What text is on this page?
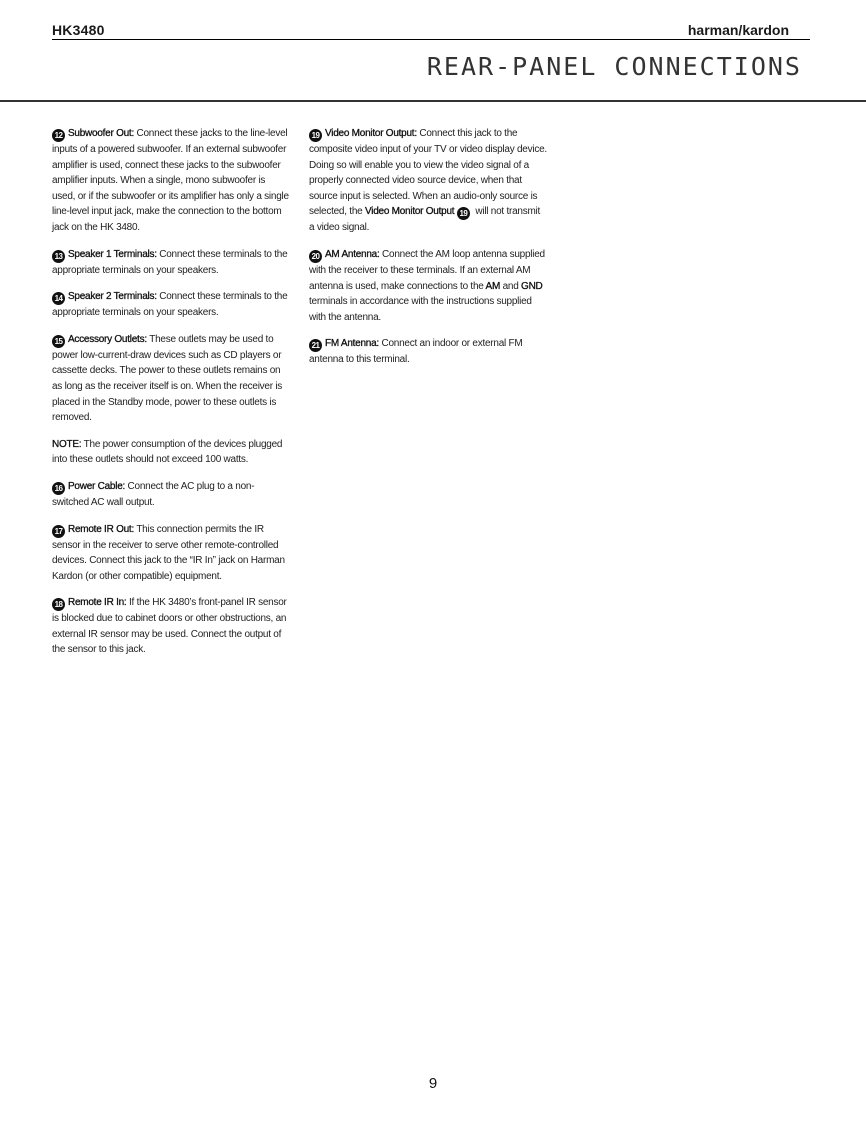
HK3480	harman/kardon
REAR-PANEL CONNECTIONS

12 Subwoofer Out: Connect these jacks to the line-level inputs of a powered subwoofer. If an external subwoofer amplifier is used, connect these jacks to the subwoofer amplifier inputs. When a single, mono subwoofer is used, or if the subwoofer or its amplifier has only a single line-level input jack, make the connection to the bottom jack on the HK 3480.

13 Speaker 1 Terminals: Connect these terminals to the appropriate terminals on your speakers.

14 Speaker 2 Terminals: Connect these terminals to the appropriate terminals on your speakers.

15 Accessory Outlets: These outlets may be used to power low-current-draw devices such as CD players or cassette decks. The power to these outlets remains on as long as the receiver itself is on. When the receiver is placed in the Standby mode, power to these outlets is removed.

NOTE: The power consumption of the devices plugged into these outlets should not exceed 100 watts.

16 Power Cable: Connect the AC plug to a non-switched AC wall output.

17 Remote IR Out: This connection permits the IR sensor in the receiver to serve other remote-controlled devices. Connect this jack to the “IR In” jack on Harman Kardon (or other compatible) equipment.

18 Remote IR In: If the HK 3480’s front-panel IR sensor is blocked due to cabinet doors or other obstructions, an external IR sensor may be used. Connect the output of the sensor to this jack.

19 Video Monitor Output: Connect this jack to the composite video input of your TV or video display device. Doing so will enable you to view the video signal of a properly connected video source device, when that source input is selected. When an audio-only source is selected, the Video Monitor Output 19 will not transmit a video signal.

20 AM Antenna: Connect the AM loop antenna supplied with the receiver to these terminals. If an external AM antenna is used, make connections to the AM and GND terminals in accordance with the instructions supplied with the antenna.

21 FM Antenna: Connect an indoor or external FM antenna to this terminal.

9
